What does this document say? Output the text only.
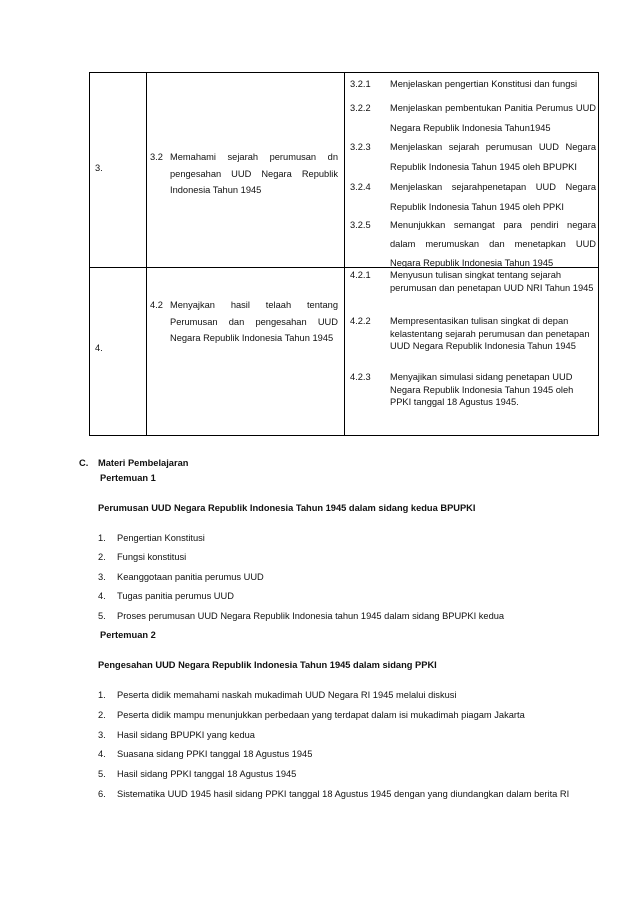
3.
3.2 Memahami sejarah perumusan dn pengesahan UUD Negara Republik Indonesia Tahun 1945
3.2.1 Menjelaskan pengertian Konstitusi dan fungsi
3.2.2 Menjelaskan pembentukan Panitia Perumus UUD Negara Republik Indonesia Tahun1945
3.2.3 Menjelaskan sejarah perumusan UUD Negara Republik Indonesia Tahun 1945 oleh BPUPKI
3.2.4 Menjelaskan sejarahpenetapan UUD Negara Republik Indonesia Tahun 1945 oleh PPKI
3.2.5 Menunjukkan semangat para pendiri negara dalam merumuskan dan menetapkan UUD Negara Republik Indonesia Tahun 1945
4.
4.2 Menyajkan hasil telaah tentang Perumusan dan pengesahan UUD Negara Republik Indonesia Tahun 1945
4.2.1 Menyusun tulisan singkat tentang sejarah perumusan dan penetapan UUD NRI Tahun 1945
4.2.2 Mempresentasikan tulisan singkat di depan kelastentang sejarah perumusan dan penetapan UUD Negara Republik Indonesia Tahun 1945
4.2.3 Menyajikan simulasi sidang penetapan UUD Negara Republik Indonesia Tahun 1945 oleh PPKI tanggal 18 Agustus 1945.
C. Materi Pembelajaran
Pertemuan 1
Perumusan UUD Negara Republik Indonesia Tahun 1945 dalam sidang kedua BPUPKI
1. Pengertian Konstitusi
2. Fungsi konstitusi
3. Keanggotaan panitia perumus UUD
4. Tugas panitia perumus UUD
5. Proses perumusan UUD Negara Republik Indonesia tahun 1945 dalam sidang BPUPKI kedua
Pertemuan 2
Pengesahan UUD Negara Republik Indonesia Tahun 1945 dalam sidang PPKI
1. Peserta didik memahami naskah mukadimah UUD Negara RI 1945 melalui diskusi
2. Peserta didik mampu menunjukkan perbedaan yang terdapat dalam isi mukadimah piagam Jakarta
3. Hasil sidang BPUPKI yang kedua
4. Suasana sidang PPKI tanggal 18 Agustus 1945
5. Hasil sidang PPKI tanggal 18 Agustus 1945
6. Sistematika UUD 1945 hasil sidang PPKI tanggal 18 Agustus 1945 dengan yang diundangkan dalam berita RI
